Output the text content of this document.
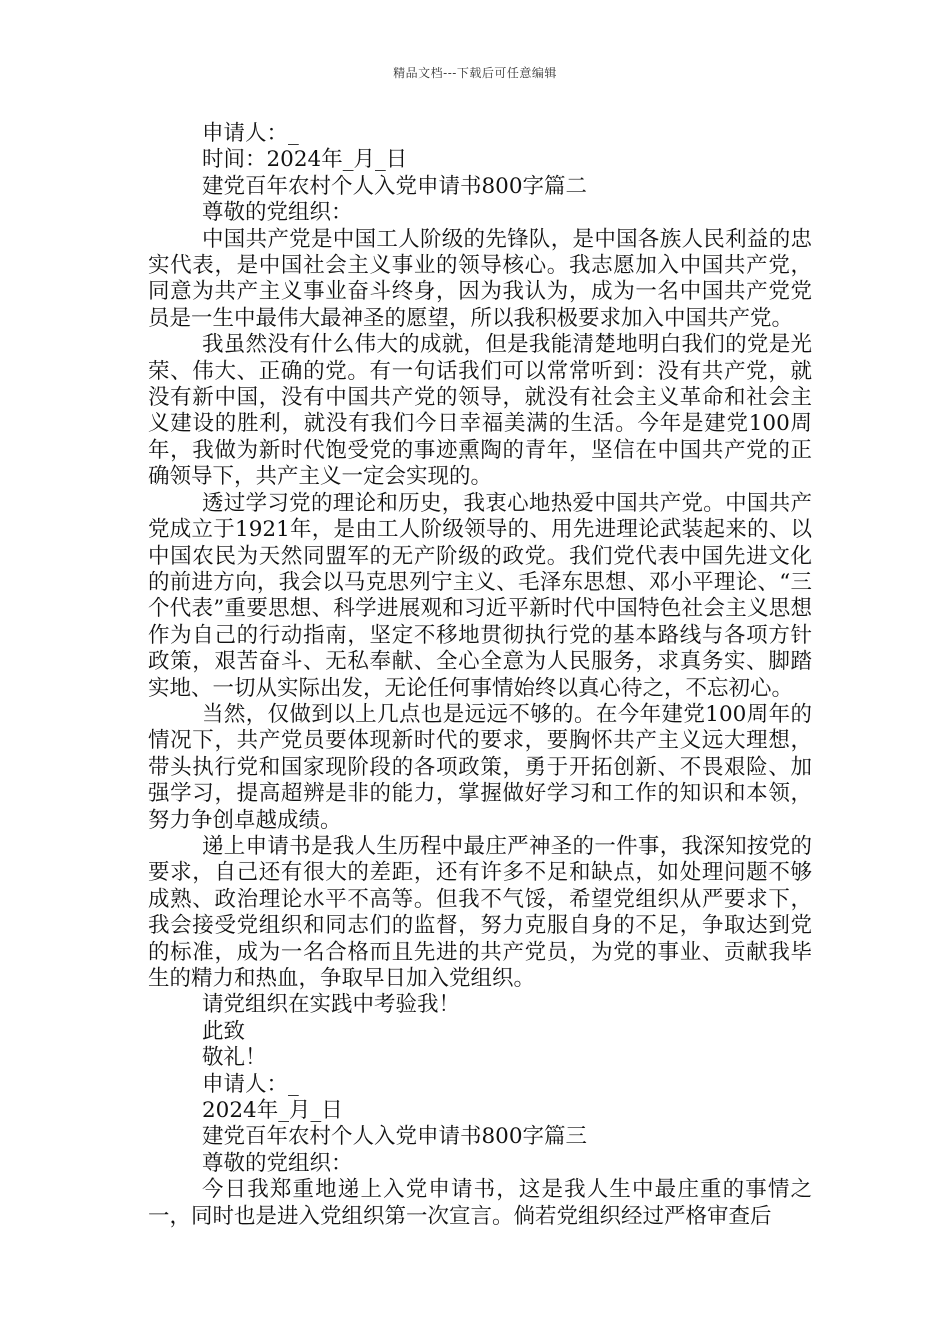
精品文档---下载后可任意编辑
申请人：_
时间：2024年_月_日
建党百年农村个人入党申请书800字篇二
尊敬的党组织：

中国共产党是中国工人阶级的先锋队，是中国各族人民利益的忠实代表，是中国社会主义事业的领导核心。我志愿加入中国共产党，同意为共产主义事业奋斗终身，因为我认为，成为一名中国共产党党员是一生中最伟大最神圣的愿望，所以我积极要求加入中国共产党。

我虽然没有什么伟大的成就，但是我能清楚地明白我们的党是光荣、伟大、正确的党。有一句话我们可以常常听到：没有共产党，就没有新中国，没有中国共产党的领导，就没有社会主义革命和社会主义建设的胜利，就没有我们今日幸福美满的生活。今年是建党100周年，我做为新时代饱受党的事迹熏陶的青年，坚信在中国共产党的正确领导下，共产主义一定会实现的。

透过学习党的理论和历史，我衷心地热爱中国共产党。中国共产党成立于1921年，是由工人阶级领导的、用先进理论武装起来的、以中国农民为天然同盟军的无产阶级的政党。我们党代表中国先进文化的前进方向，我会以马克思列宁主义、毛泽东思想、邓小平理论、“三个代表”重要思想、科学进展观和习近平新时代中国特色社会主义思想作为自己的行动指南，坚定不移地贯彻执行党的基本路线与各项方针政策，艰苦奋斗、无私奉献、全心全意为人民服务，求真务实、脚踏实地、一切从实际出发，无论任何事情始终以真心待之，不忘初心。

当然，仅做到以上几点也是远远不够的。在今年建党100周年的情况下，共产党员要体现新时代的要求，要胸怀共产主义远大理想，带头执行党和国家现阶段的各项政策，勇于开拓创新、不畏艰险、加强学习，提高超辨是非的能力，掌握做好学习和工作的知识和本领，努力争创卓越成绩。

递上申请书是我人生历程中最庄严神圣的一件事，我深知按党的要求，自己还有很大的差距，还有许多不足和缺点，如处理问题不够成熟、政治理论水平不高等。但我不气馁，希望党组织从严要求下，我会接受党组织和同志们的监督，努力克服自身的不足，争取达到党的标准，成为一名合格而且先进的共产党员，为党的事业、贡献我毕生的精力和热血，争取早日加入党组织。

请党组织在实践中考验我！
此致
敬礼！
申请人：_
2024年_月_日
建党百年农村个人入党申请书800字篇三
尊敬的党组织：

今日我郑重地递上入党申请书，这是我人生中最庄重的事情之一，同时也是进入党组织第一次宣言。倘若党组织经过严格审查后
